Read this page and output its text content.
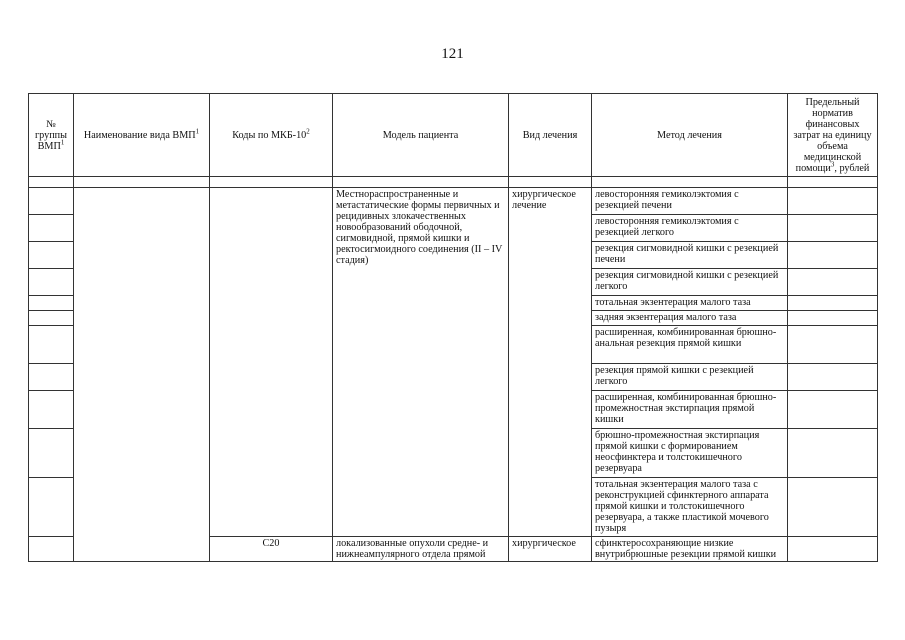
121
№ группы ВМП$^1$	Наименование вида ВМП$^1$	Коды по МКБ-$10^2$	Модель пациента	Вид лечения	Метод лечения	Предельный норматив финансовых затрат на единицу объема медицинской помощи$^3$, рублей

			Местнораспространенные и метастатические формы первичных и рецидивных злокачественных новообразований ободочной, сигмовидной, прямой кишки и ректосигмоидного соединения (II – IV стадия)	хирургическое лечение	левосторонняя гемиколэктомия с резекцией печени	
					левосторонняя гемиколэктомия с резекцией легкого	
					резекция сигмовидной кишки с резекцией печени	
					резекция сигмовидной кишки с резекцией легкого	
					тотальная экзентерация малого таза	
					задняя экзентерация малого таза	
					расширенная, комбинированная брюшно-анальная резекция прямой кишки	
					резекция прямой кишки с резекцией легкого	
					расширенная, комбинированная брюшно-промежностная экстирпация прямой кишки	
					брюшно-промежностная экстирпация прямой кишки с формированием неосфинктера и толстокишечного резервуара	
					тотальная экзентерация малого таза с реконструкцией сфинктерного аппарата прямой кишки и толстокишечного резервуара, а также пластикой мочевого пузыря	
		C20	локализованные опухоли средне- и нижнеампулярного отдела прямой	хирургическое	сфинктеросохраняющие низкие внутрибрюшные резекции прямой кишки	
